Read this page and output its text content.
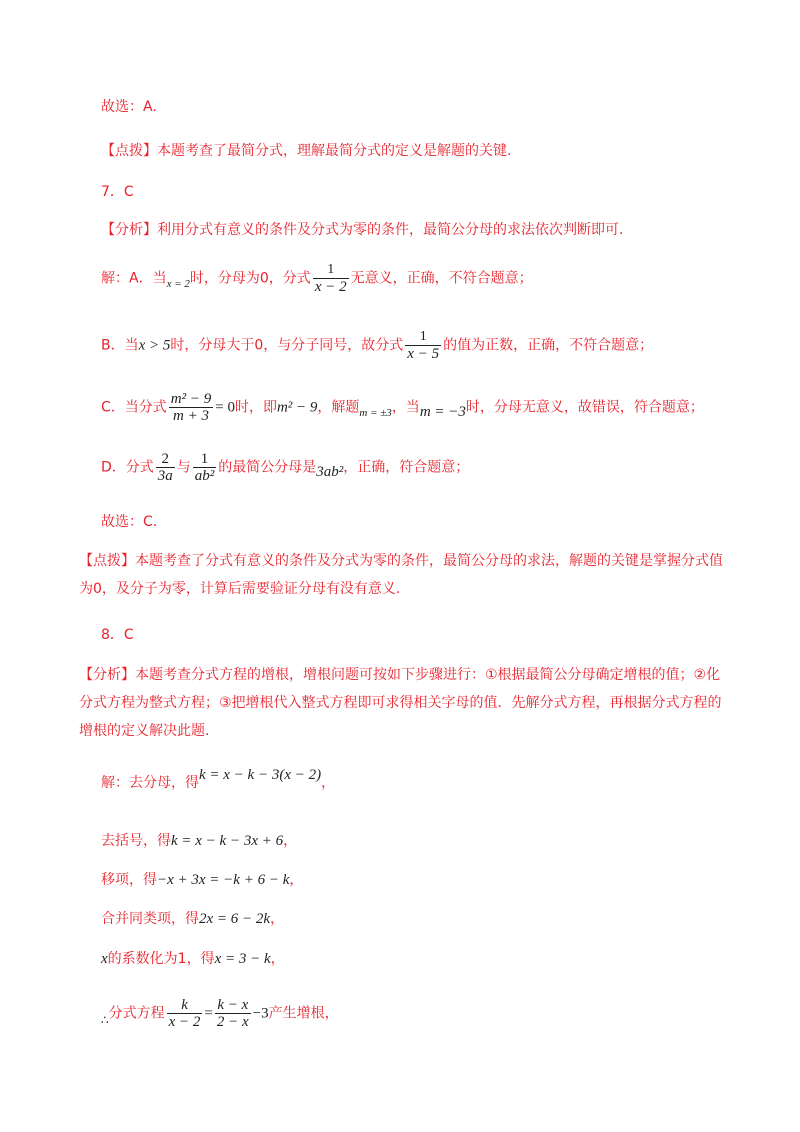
故选：A.
【点拨】本题考查了最简分式，理解最简分式的定义是解题的关键.
7．C
【分析】利用分式有意义的条件及分式为零的条件，最简公分母的求法依次判断即可.
解：A．当$_{x = 2}$时，分母为0，分式 $\frac{1}{x - 2}$ 无意义，正确，不符合题意；
B．当x > 5时，分母大于0，与分子同号，故分式 $\frac{1}{x - 5}$ 的值为正数，正确，不符合题意；
C．当分式 $\frac{\text{m² − 9}}{m + 3} = 0$时，即m² − 9，解题$_{m = \pm 3}$，当m = −3时，分母无意义，故错误，符合题意；
D．分式 $\frac{2}{3a}$ 与 $\frac{1}{\text{ab²}}$ 的最简公分母是3ab²，正确，符合题意；
故选：C.
【点拨】本题考查了分式有意义的条件及分式为零的条件，最简公分母的求法，解题的关键是掌握分式值为0，及分子为零，计算后需要验证分母有没有意义.
8．C
【分析】本题考查分式方程的增根，增根问题可按如下步骤进行：①根据最简公分母确定增根的值；②化分式方程为整式方程；③把增根代入整式方程即可求得相关字母的值．先解分式方程，再根据分式方程的增根的定义解决此题.
解：去分母，得k = x − k − 3(x − 2)，
去括号，得k = x − k − 3x + 6，
移项，得−x + 3x = −k + 6 − k，
合并同类项，得2x = 6 − 2k，
x的系数化为1，得x = 3 − k，
∴分式方程 $\frac{k}{x - 2} = \frac{k - x}{2 - x} -3$产生增根，
